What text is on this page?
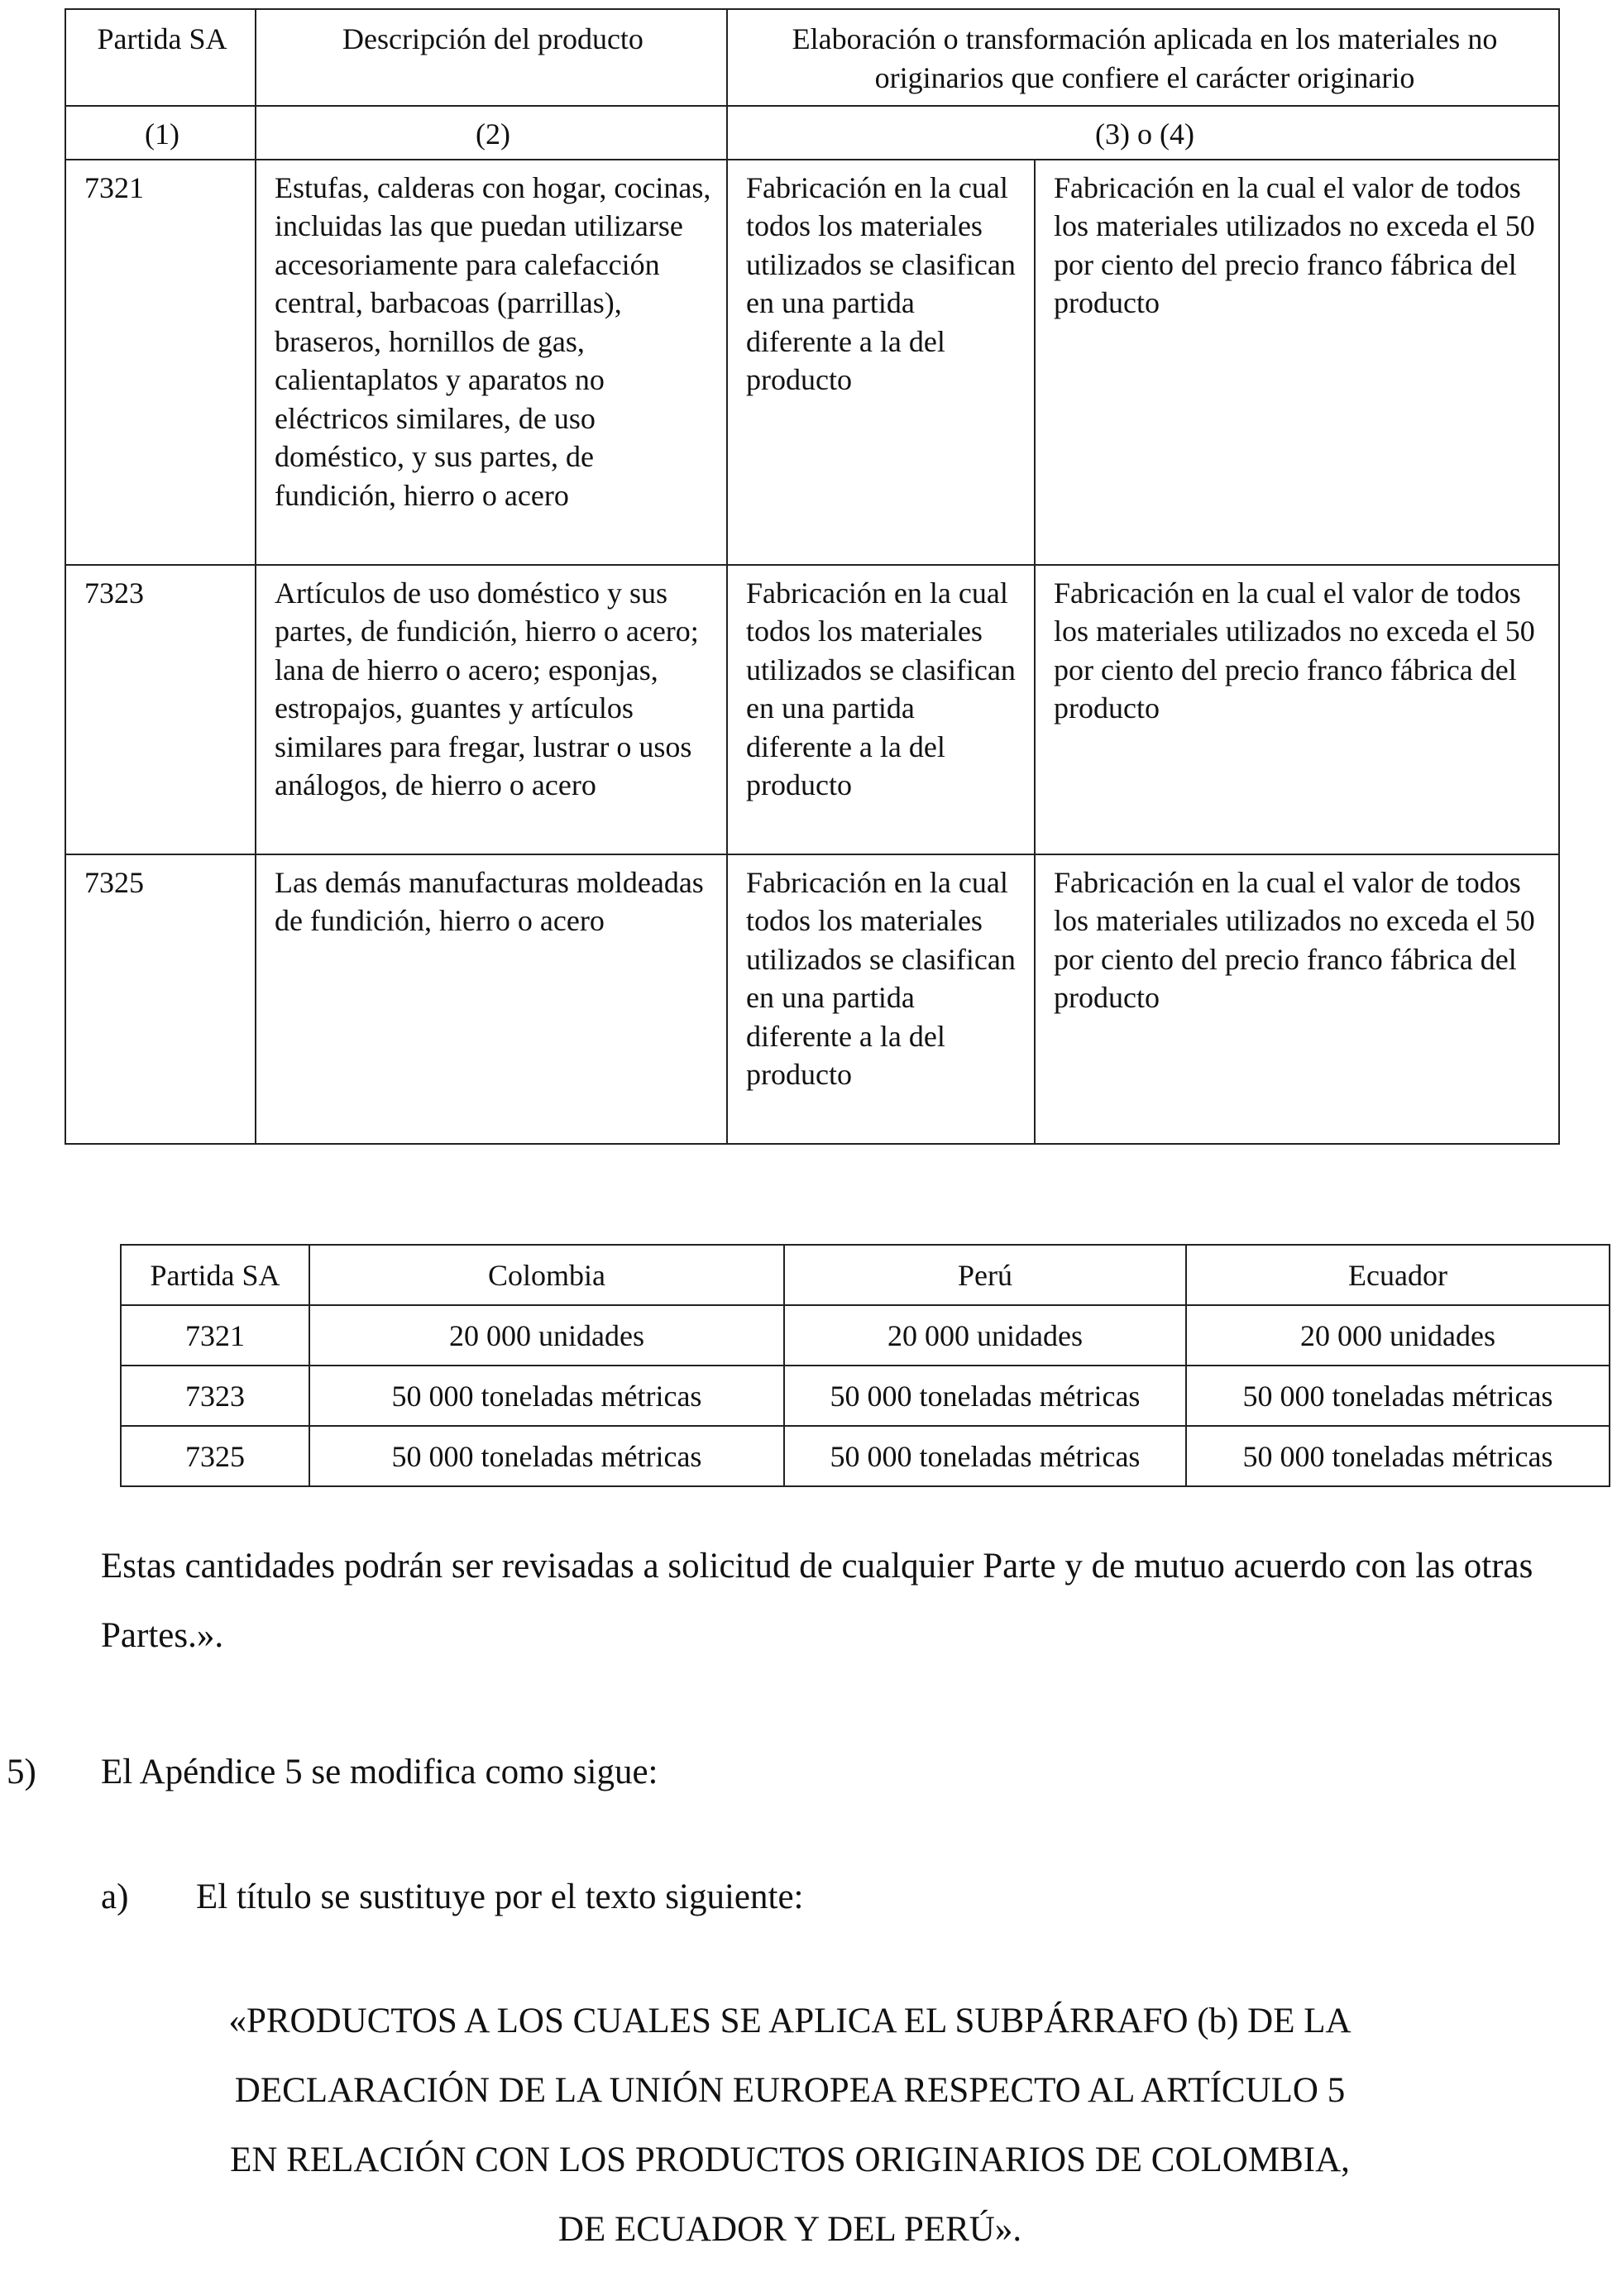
Partida SA	Descripción del producto	Elaboración o transformación aplicada en los materiales no originarios que confiere el carácter originario	
(1)	(2)	(3) o (4)	
7321	Estufas, calderas con hogar, cocinas, incluidas las que puedan utilizarse accesoriamente para calefacción central, barbacoas (parrillas), braseros, hornillos de gas, calientaplatos y aparatos no eléctricos similares, de uso doméstico, y sus partes, de fundición, hierro o acero	Fabricación en la cual todos los materiales utilizados se clasifican en una partida diferente a la del producto	Fabricación en la cual el valor de todos los materiales utilizados no exceda el 50 por ciento del precio franco fábrica del producto
7323	Artículos de uso doméstico y sus partes, de fundición, hierro o acero; lana de hierro o acero; esponjas, estropajos, guantes y artículos similares para fregar, lustrar o usos análogos, de hierro o acero	Fabricación en la cual todos los materiales utilizados se clasifican en una partida diferente a la del producto	Fabricación en la cual el valor de todos los materiales utilizados no exceda el 50 por ciento del precio franco fábrica del producto
7325	Las demás manufacturas moldeadas de fundición, hierro o acero	Fabricación en la cual todos los materiales utilizados se clasifican en una partida diferente a la del producto	Fabricación en la cual el valor de todos los materiales utilizados no exceda el 50 por ciento del precio franco fábrica del producto
Partida SA	Colombia	Perú	Ecuador
7321	20 000 unidades	20 000 unidades	20 000 unidades
7323	50 000 toneladas métricas	50 000 toneladas métricas	50 000 toneladas métricas
7325	50 000 toneladas métricas	50 000 toneladas métricas	50 000 toneladas métricas

Estas cantidades podrán ser revisadas a solicitud de cualquier Parte y de mutuo acuerdo con las otras Partes.».

5) El Apéndice 5 se modifica como sigue:

a) El título se sustituye por el texto siguiente:

«PRODUCTOS A LOS CUALES SE APLICA EL SUBPÁRRAFO (b) DE LA DECLARACIÓN DE LA UNIÓN EUROPEA RESPECTO AL ARTÍCULO 5 EN RELACIÓN CON LOS PRODUCTOS ORIGINARIOS DE COLOMBIA, DE ECUADOR Y DEL PERÚ».
